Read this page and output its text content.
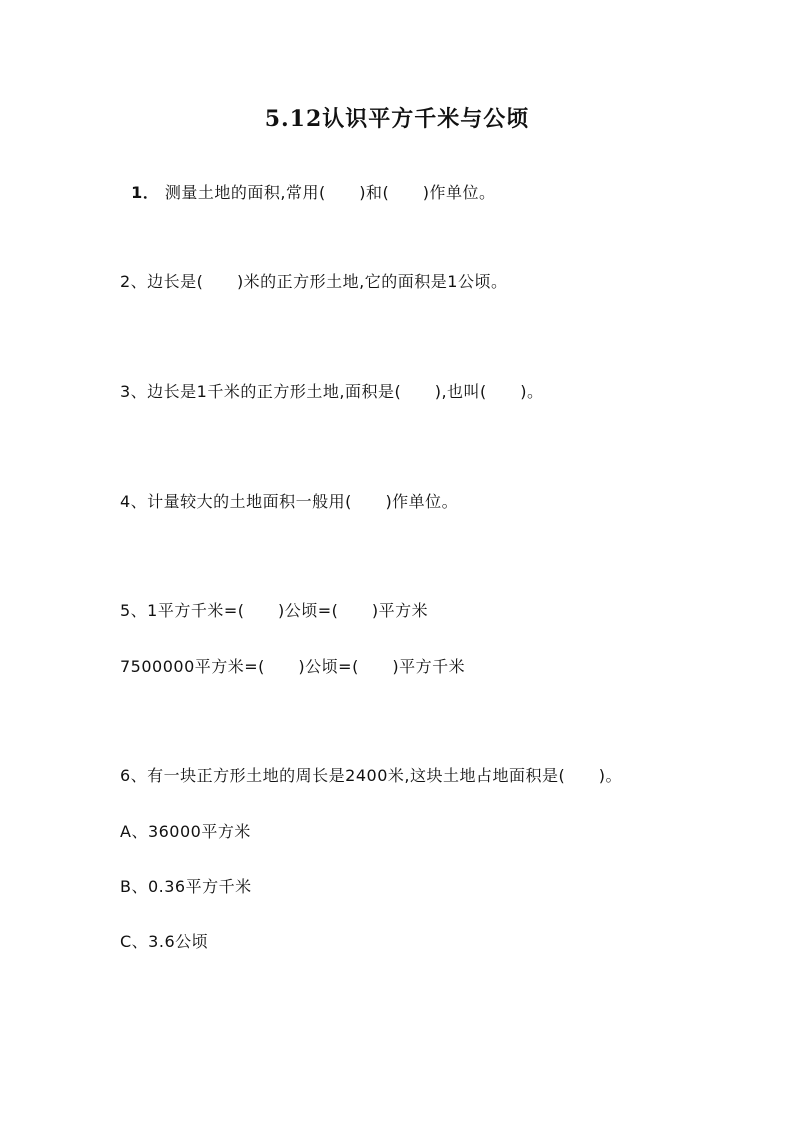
5.12认识平方千米与公顷

1． 测量土地的面积,常用(      )和(      )作单位。

2、边长是(      )米的正方形土地,它的面积是1公顷。
3、边长是1千米的正方形土地,面积是(      ),也叫(      )。
4、计量较大的土地面积一般用(      )作单位。
5、1平方千米=(      )公顷=(      )平方米
7500000平方米=(      )公顷=(      )平方千米
6、有一块正方形土地的周长是2400米,这块土地占地面积是(      )。
A、36000平方米
B、0.36平方千米
C、3.6公顷
